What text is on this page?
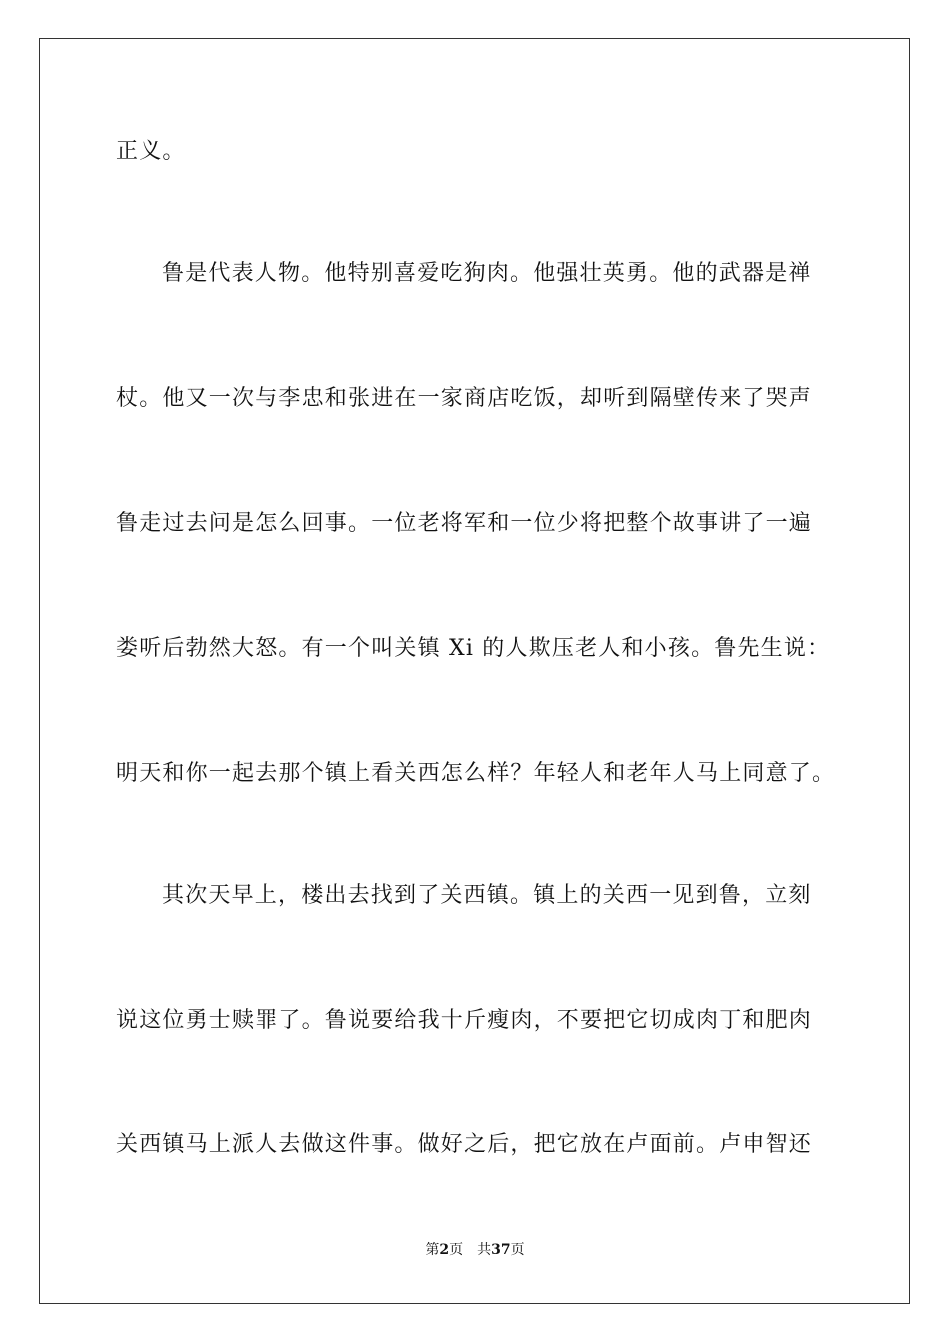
正义。
鲁是代表人物。他特别喜爱吃狗肉。他强壮英勇。他的武器是禅
杖。他又一次与李忠和张进在一家商店吃饭，却听到隔壁传来了哭声
鲁走过去问是怎么回事。一位老将军和一位少将把整个故事讲了一遍
娄听后勃然大怒。有一个叫关镇 Xi 的人欺压老人和小孩。鲁先生说：
明天和你一起去那个镇上看关西怎么样？年轻人和老年人马上同意了。
其次天早上，楼出去找到了关西镇。镇上的关西一见到鲁，立刻
说这位勇士赎罪了。鲁说要给我十斤瘦肉，不要把它切成肉丁和肥肉
关西镇马上派人去做这件事。做好之后，把它放在卢面前。卢申智还
第2页 共37页
